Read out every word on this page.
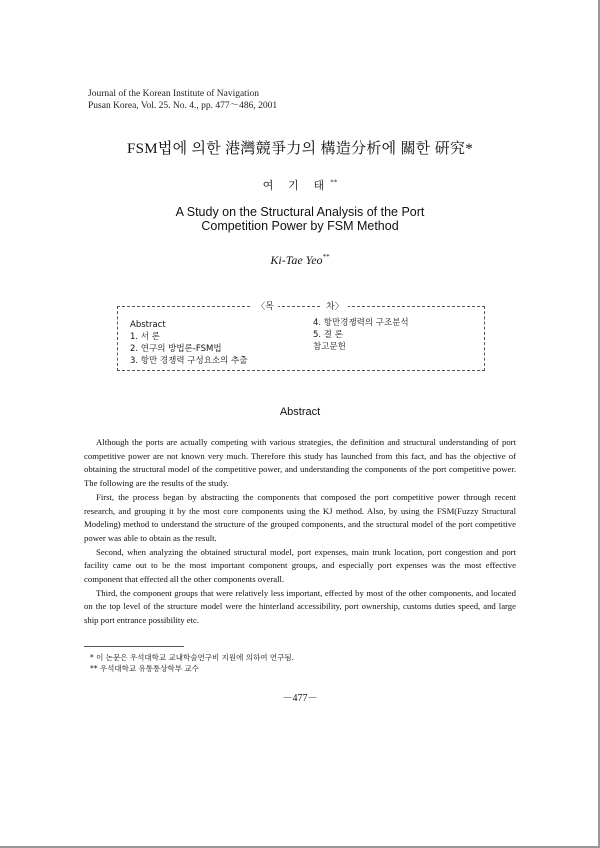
Journal of the Korean Institute of Navigation
Pusan Korea, Vol. 25. No. 4., pp. 477～486, 2001
FSM법에 의한 港灣競爭力의 構造分析에 關한 硏究*
여 기 태**
A Study on the Structural Analysis of the Port
Competition Power by FSM Method
Ki-Tae Yeo**
〈목	차〉
Abstract
1. 서 론
2. 연구의 방법론-FSM법
3. 항만 경쟁력 구성요소의 추출
4. 항만경쟁력의 구조분석
5. 결 론
참고문헌
Abstract

Although the ports are actually competing with various strategies, the definition and structural understanding of port competitive power are not known very much. Therefore this study has launched from this fact, and has the objective of obtaining the structural model of the competitive power, and understanding the components of the port competitive power. The following are the results of the study.

First, the process began by abstracting the components that composed the port competitive power through recent research, and grouping it by the most core components using the KJ method. Also, by using the FSM(Fuzzy Structural Modeling) method to understand the structure of the grouped components, and the structural model of the port competitive power was able to obtain as the result.

Second, when analyzing the obtained structural model, port expenses, main trunk location, port congestion and port facility came out to be the most important component groups, and especially port expenses was the most effective component that effected all the other components overall.

Third, the component groups that were relatively less important, effected by most of the other components, and located on the top level of the structure model were the hinterland accessibility, port ownership, customs duties speed, and large ship port entrance possibility etc.

* 이 논문은 우석대학교 교내학술연구비 지원에 의하여 연구됨.
** 우석대학교 유통통상학부 교수
－477－
